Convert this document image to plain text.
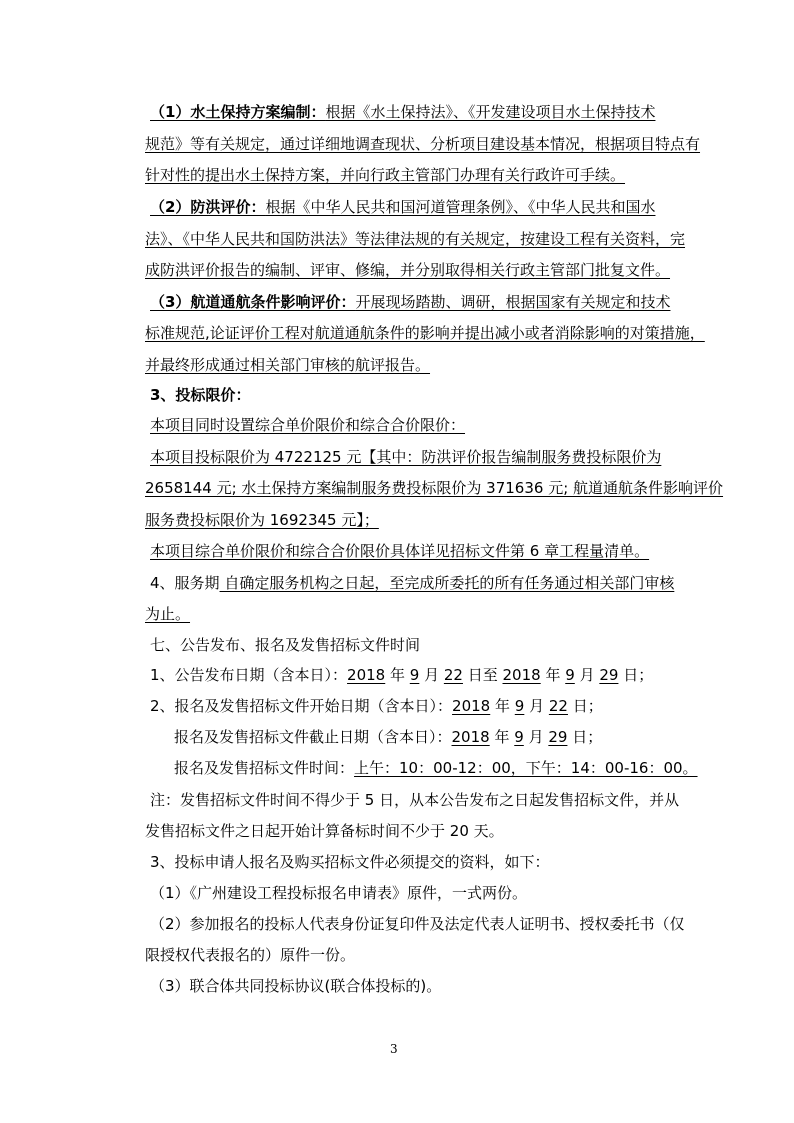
（1）水土保持方案编制：根据《水土保持法》、《开发建设项目水土保持技术
规范》等有关规定，通过详细地调查现状、分析项目建设基本情况，根据项目特点有
针对性的提出水土保持方案，并向行政主管部门办理有关行政许可手续。
（2）防洪评价：根据《中华人民共和国河道管理条例》、《中华人民共和国水
法》、《中华人民共和国防洪法》等法律法规的有关规定，按建设工程有关资料，完
成防洪评价报告的编制、评审、修编，并分别取得相关行政主管部门批复文件。
（3）航道通航条件影响评价：开展现场踏勘、调研，根据国家有关规定和技术
标准规范,论证评价工程对航道通航条件的影响并提出减小或者消除影响的对策措施，
并最终形成通过相关部门审核的航评报告。
3、投标限价：
本项目同时设置综合单价限价和综合合价限价：
本项目投标限价为 4722125 元【其中：防洪评价报告编制服务费投标限价为
2658144 元; 水土保持方案编制服务费投标限价为 371636 元; 航道通航条件影响评价
服务费投标限价为 1692345 元】；
本项目综合单价限价和综合合价限价具体详见招标文件第 6 章工程量清单。
4、服务期 自确定服务机构之日起，至完成所委托的所有任务通过相关部门审核
为止。
七、公告发布、报名及发售招标文件时间
1、公告发布日期（含本日）：2018 年 9 月 22 日至 2018 年 9 月 29 日；
2、报名及发售招标文件开始日期（含本日）：2018 年 9 月 22 日；
报名及发售招标文件截止日期（含本日）：2018 年 9 月 29 日；
报名及发售招标文件时间：上午：10：00-12：00，下午：14：00-16：00。
注：发售招标文件时间不得少于 5 日，从本公告发布之日起发售招标文件，并从
发售招标文件之日起开始计算备标时间不少于 20 天。
3、投标申请人报名及购买招标文件必须提交的资料，如下：
（1）《广州建设工程投标报名申请表》原件，一式两份。
（2）参加报名的投标人代表身份证复印件及法定代表人证明书、授权委托书（仅
限授权代表报名的）原件一份。
（3）联合体共同投标协议(联合体投标的)。
3
